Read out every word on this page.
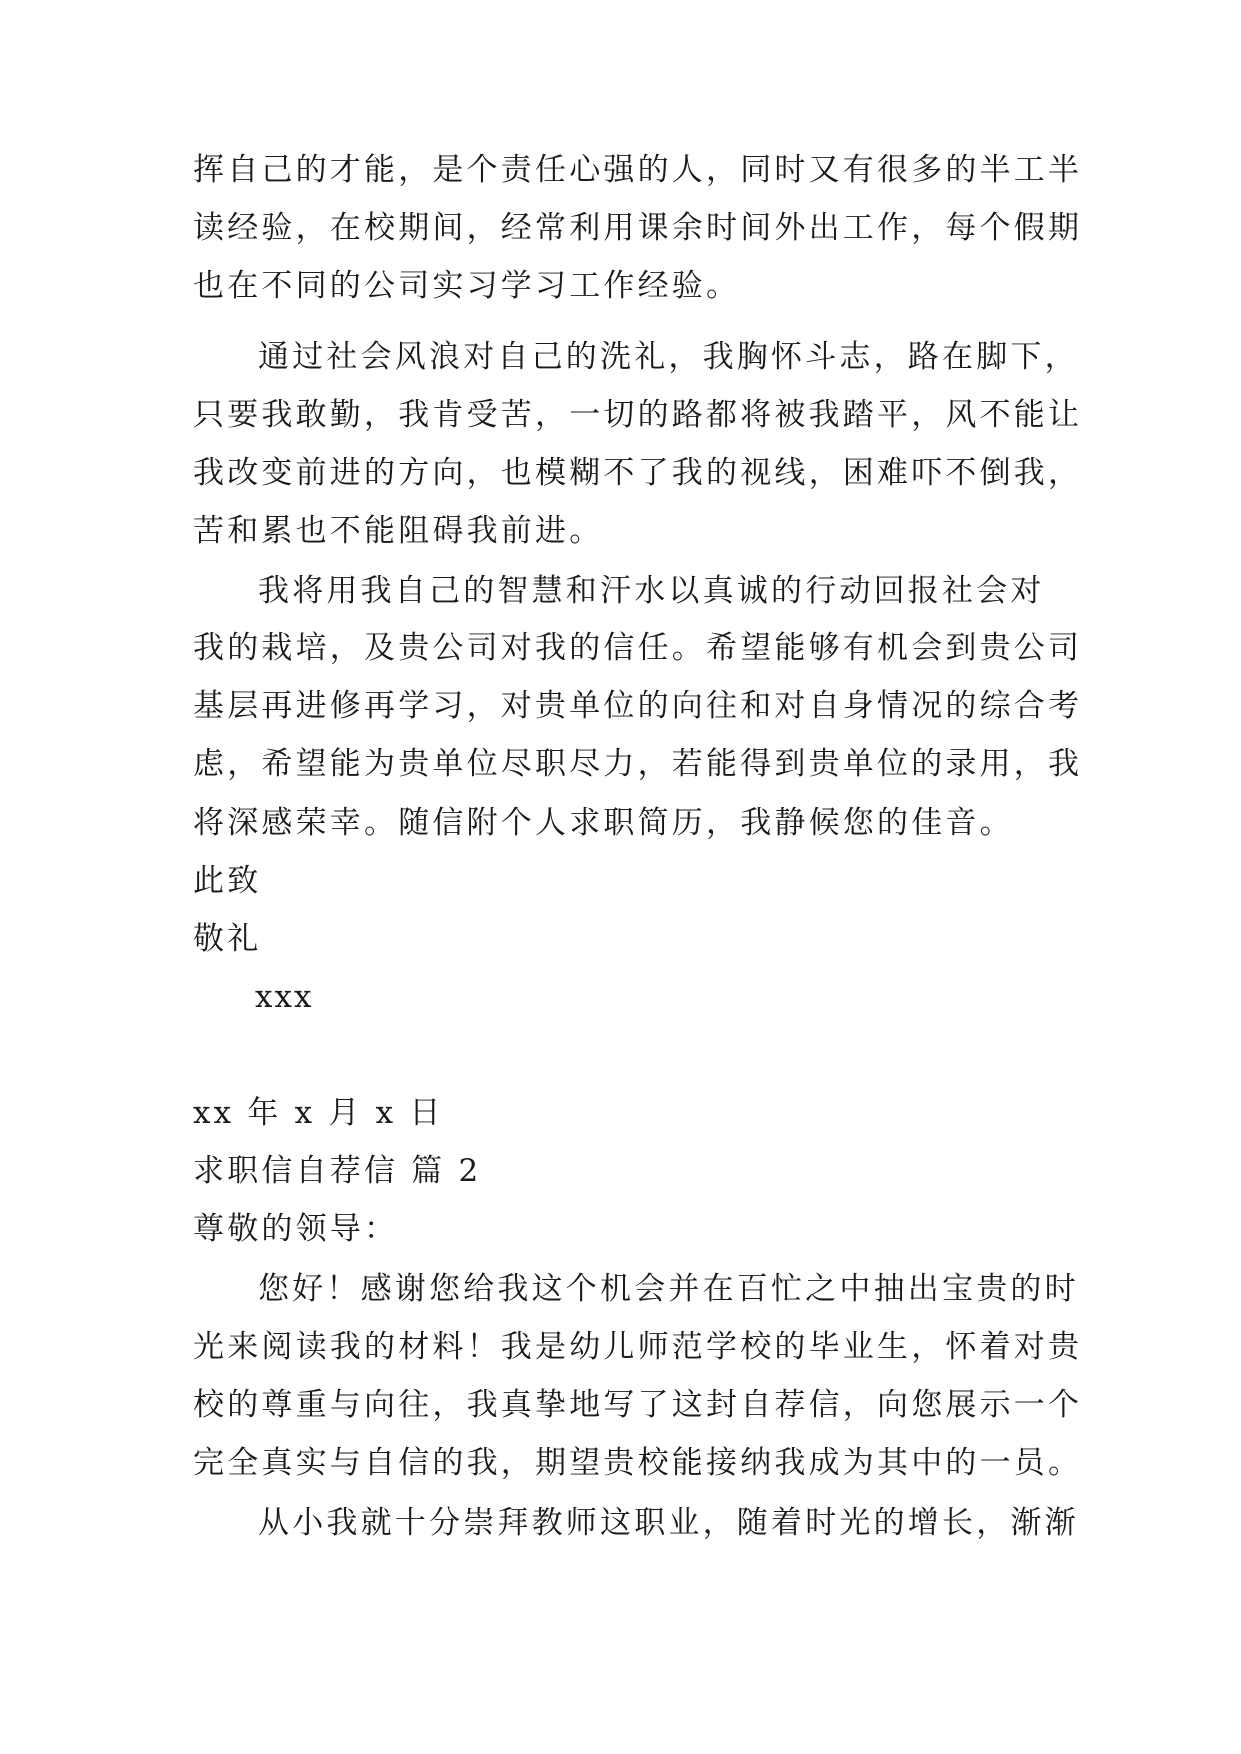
挥自己的才能，是个责任心强的人，同时又有很多的半工半
读经验，在校期间，经常利用课余时间外出工作，每个假期
也在不同的公司实习学习工作经验。
通过社会风浪对自己的洗礼，我胸怀斗志，路在脚下，
只要我敢勤，我肯受苦，一切的路都将被我踏平，风不能让
我改变前进的方向，也模糊不了我的视线，困难吓不倒我，
苦和累也不能阻碍我前进。
我将用我自己的智慧和汗水以真诚的行动回报社会对
我的栽培，及贵公司对我的信任。希望能够有机会到贵公司
基层再进修再学习，对贵单位的向往和对自身情况的综合考
虑，希望能为贵单位尽职尽力，若能得到贵单位的录用，我
将深感荣幸。随信附个人求职简历，我静候您的佳音。
此致
敬礼
xxx
xx 年 x 月 x 日
求职信自荐信 篇 2
尊敬的领导：
您好！感谢您给我这个机会并在百忙之中抽出宝贵的时
光来阅读我的材料！我是幼儿师范学校的毕业生，怀着对贵
校的尊重与向往，我真挚地写了这封自荐信，向您展示一个
完全真实与自信的我，期望贵校能接纳我成为其中的一员。
从小我就十分崇拜教师这职业，随着时光的增长，渐渐
